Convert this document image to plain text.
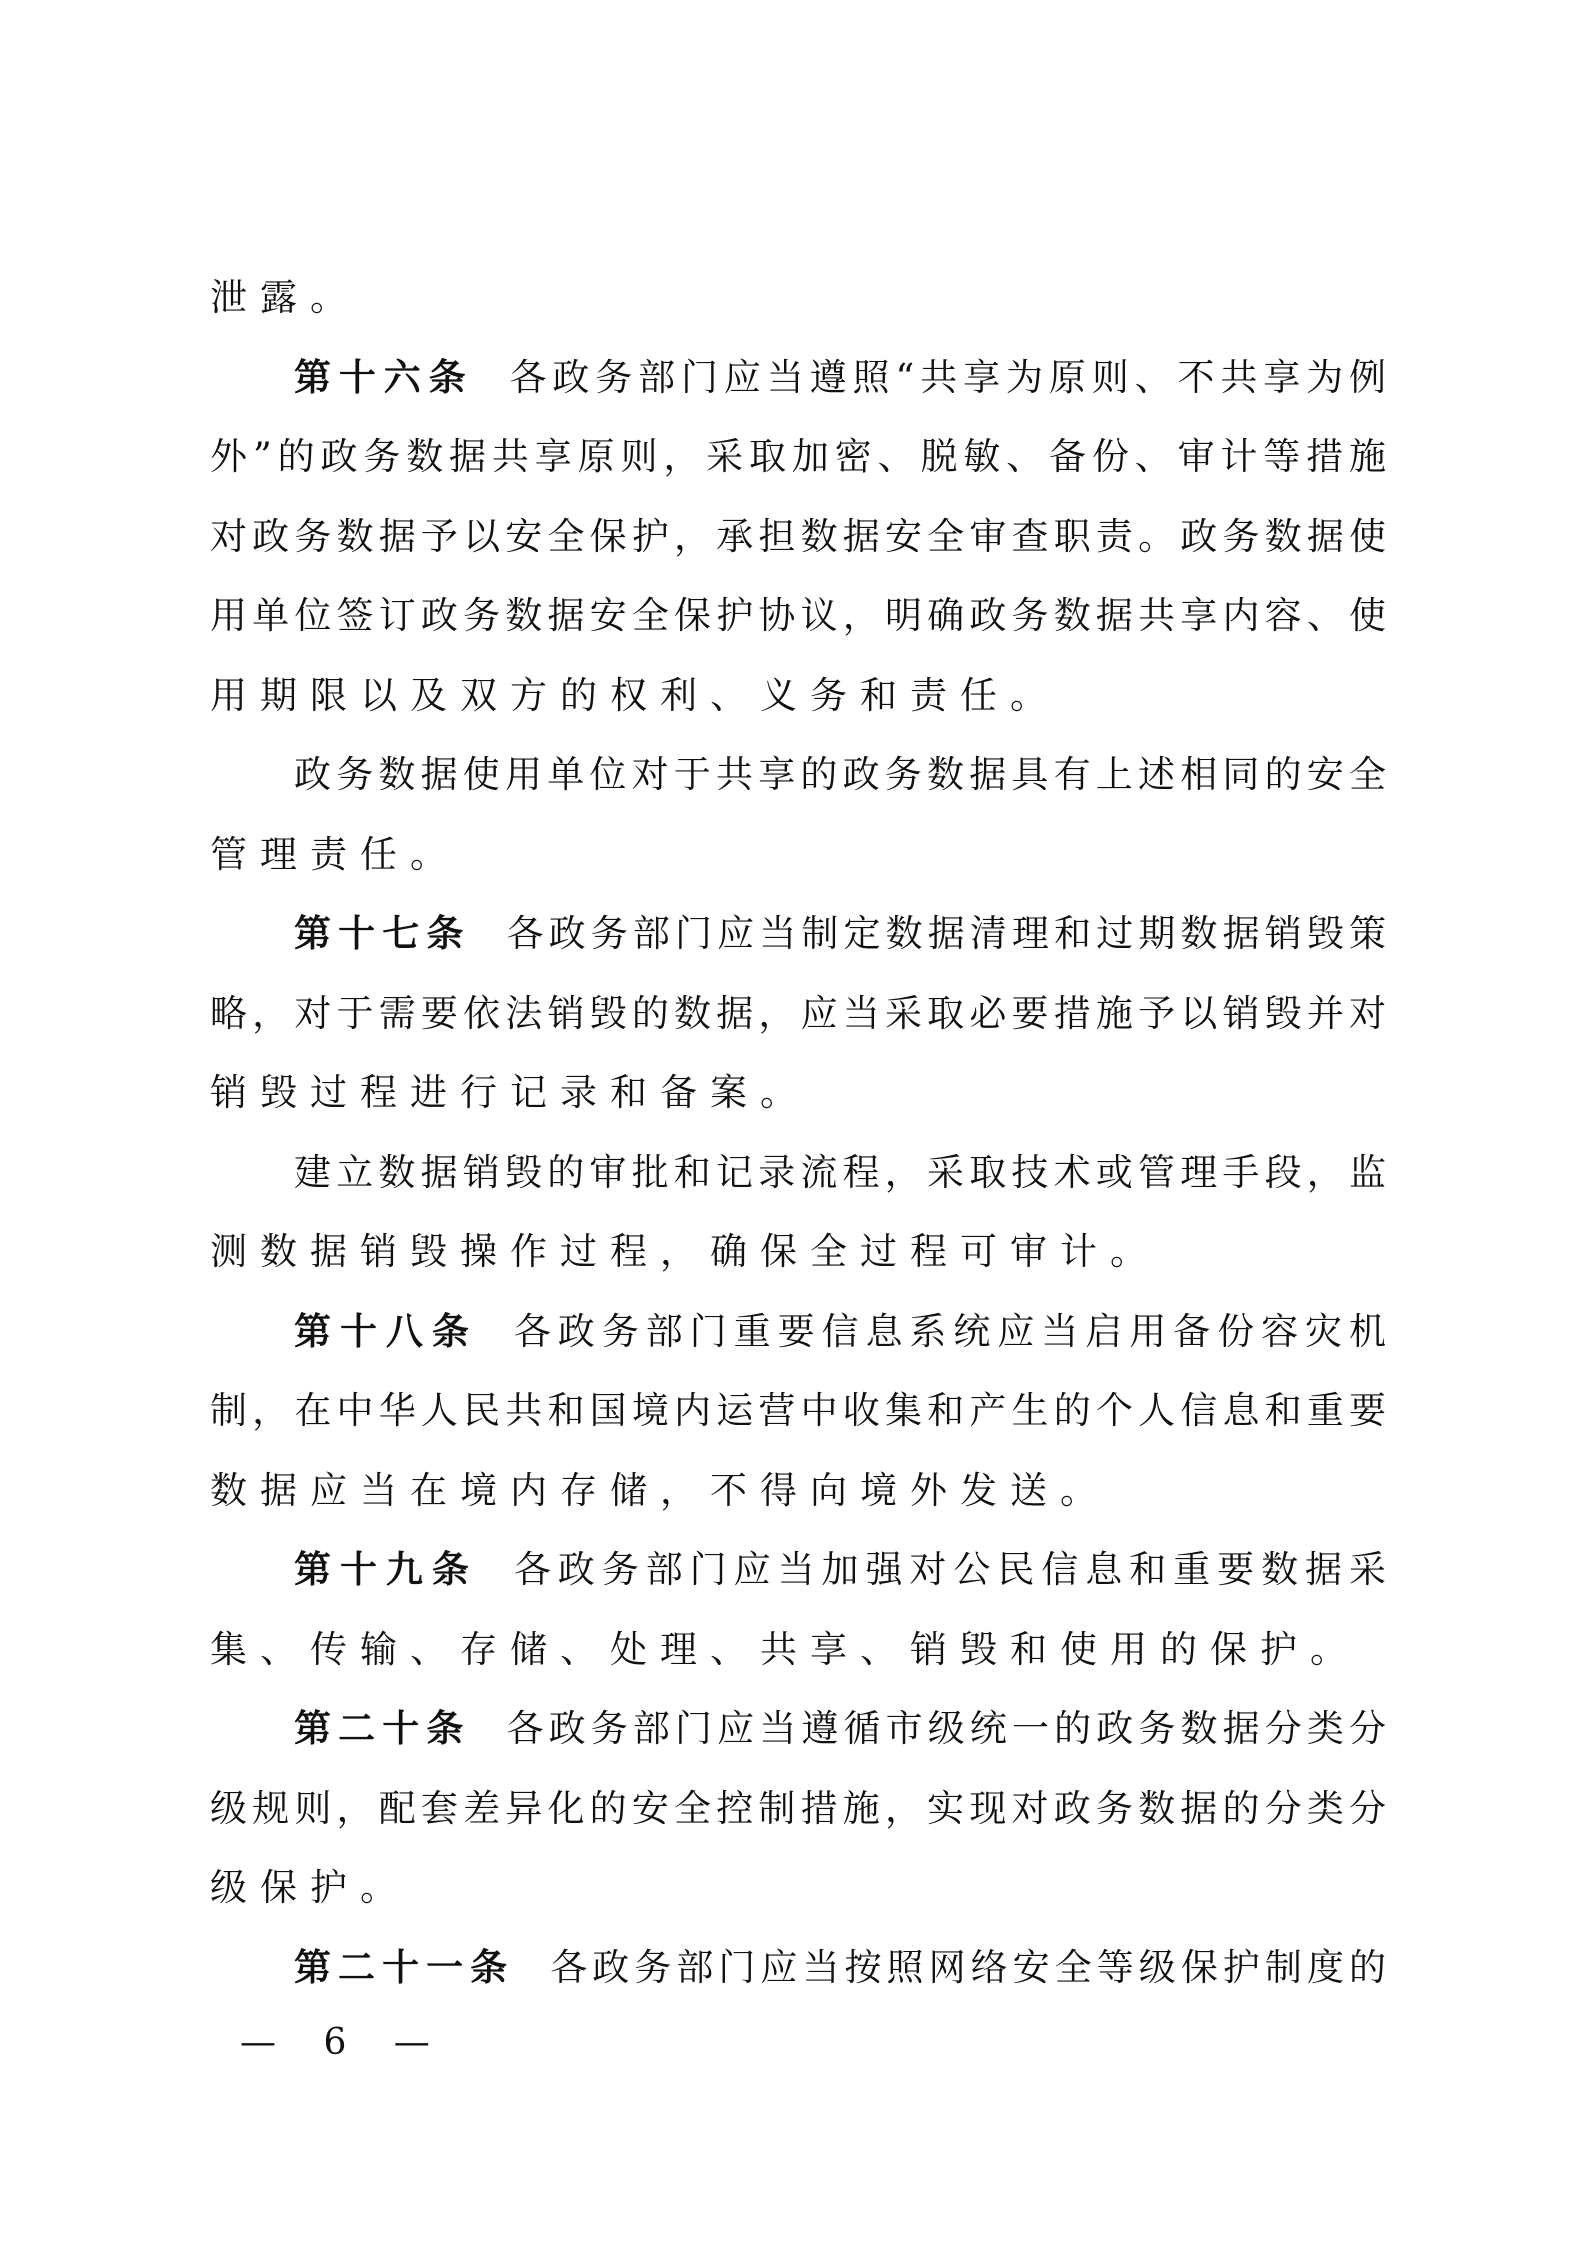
泄露。
第十六条 各政务部门应当遵照“共享为原则、不共享为例
外”的政务数据共享原则，采取加密、脱敏、备份、审计等措施
对政务数据予以安全保护，承担数据安全审查职责。政务数据使
用单位签订政务数据安全保护协议，明确政务数据共享内容、使
用期限以及双方的权利、义务和责任。
政务数据使用单位对于共享的政务数据具有上述相同的安全
管理责任。
第十七条 各政务部门应当制定数据清理和过期数据销毁策
略，对于需要依法销毁的数据，应当采取必要措施予以销毁并对
销毁过程进行记录和备案。
建立数据销毁的审批和记录流程，采取技术或管理手段，监
测数据销毁操作过程，确保全过程可审计。
第十八条 各政务部门重要信息系统应当启用备份容灾机
制，在中华人民共和国境内运营中收集和产生的个人信息和重要
数据应当在境内存储，不得向境外发送。
第十九条 各政务部门应当加强对公民信息和重要数据采
集、传输、存储、处理、共享、销毁和使用的保护。
第二十条 各政务部门应当遵循市级统一的政务数据分类分
级规则，配套差异化的安全控制措施，实现对政务数据的分类分
级保护。
第二十一条 各政务部门应当按照网络安全等级保护制度的
— 6 —
